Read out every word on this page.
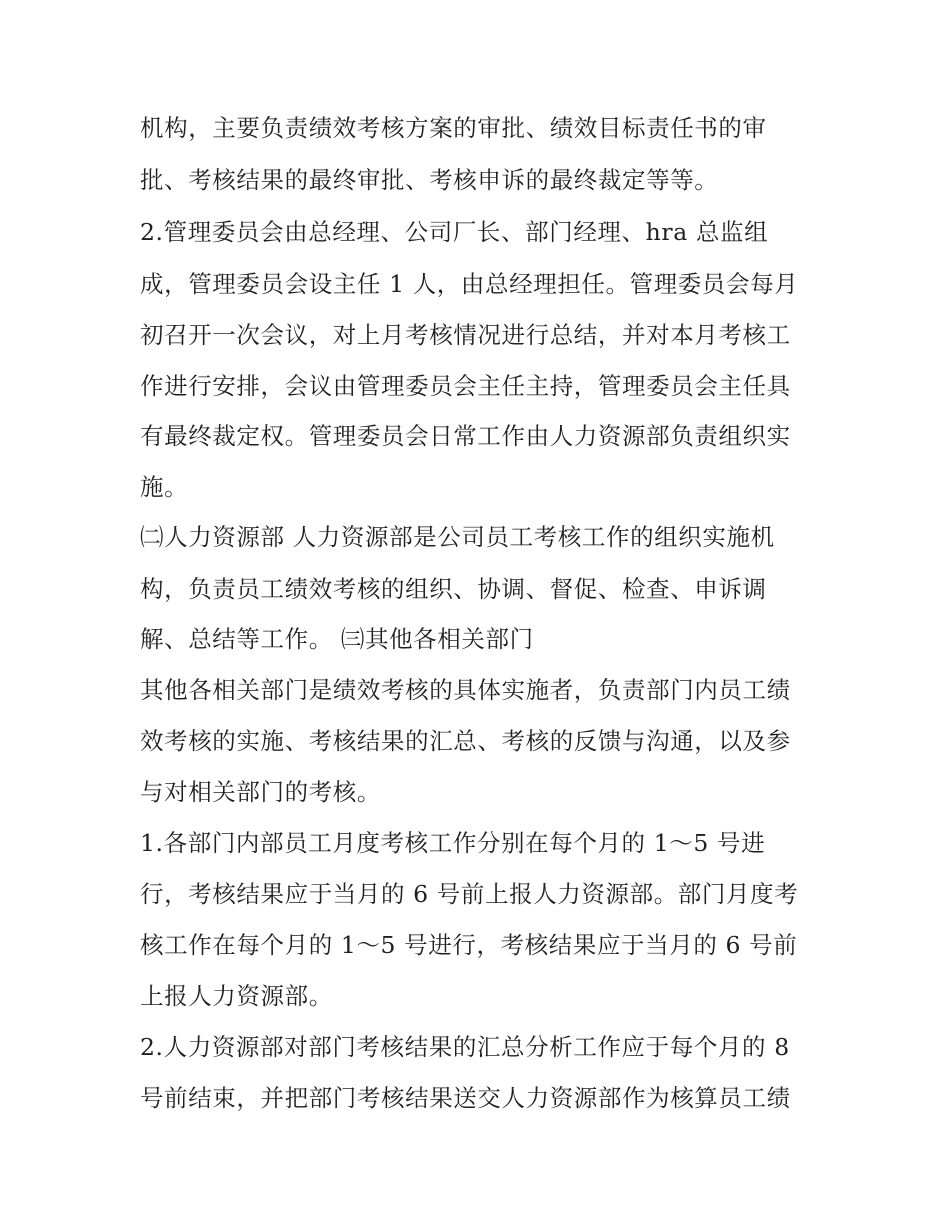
机构，主要负责绩效考核方案的审批、绩效目标责任书的审

批、考核结果的最终审批、考核申诉的最终裁定等等。

2.管理委员会由总经理、公司厂长、部门经理、hra 总监组

成，管理委员会设主任 1 人，由总经理担任。管理委员会每月

初召开一次会议，对上月考核情况进行总结，并对本月考核工

作进行安排，会议由管理委员会主任主持，管理委员会主任具

有最终裁定权。管理委员会日常工作由人力资源部负责组织实

施。

㈡人力资源部 人力资源部是公司员工考核工作的组织实施机

构，负责员工绩效考核的组织、协调、督促、检查、申诉调

解、总结等工作。 ㈢其他各相关部门

其他各相关部门是绩效考核的具体实施者，负责部门内员工绩

效考核的实施、考核结果的汇总、考核的反馈与沟通，以及参

与对相关部门的考核。

1.各部门内部员工月度考核工作分别在每个月的 1～5 号进

行，考核结果应于当月的 6 号前上报人力资源部。部门月度考

核工作在每个月的 1～5 号进行，考核结果应于当月的 6 号前

上报人力资源部。

2.人力资源部对部门考核结果的汇总分析工作应于每个月的 8

号前结束，并把部门考核结果送交人力资源部作为核算员工绩
